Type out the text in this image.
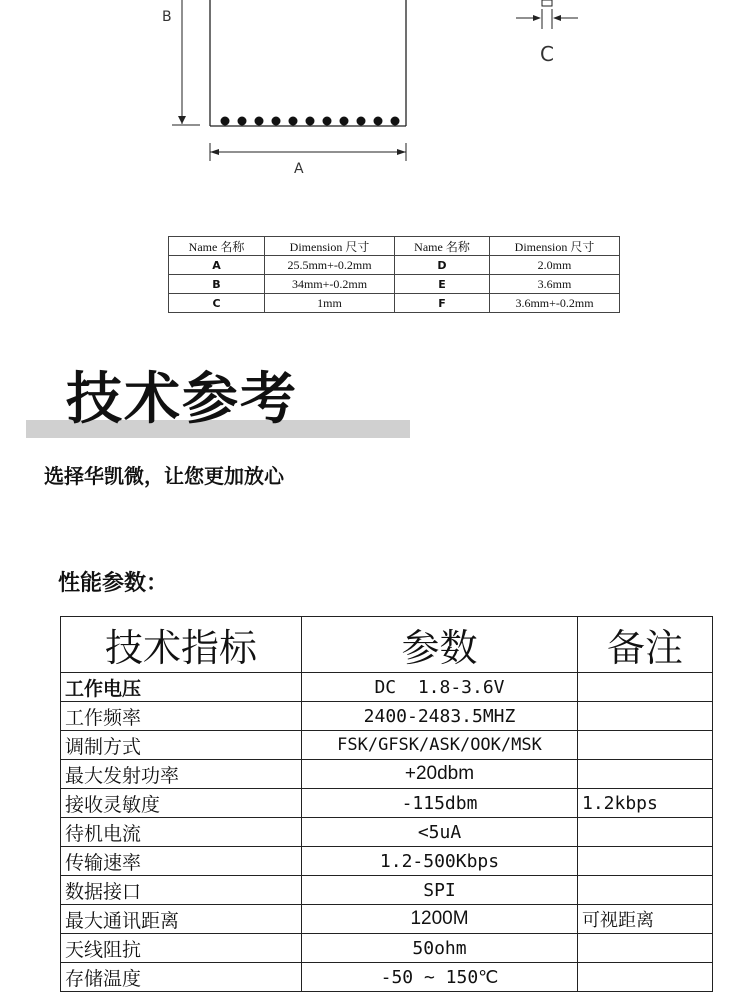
B
A
C
Name 名称	Dimension 尺寸	Name 名称	Dimension 尺寸
A	25.5mm+-0.2mm	D	2.0mm
B	34mm+-0.2mm	E	3.6mm
C	1mm	F	3.6mm+-0.2mm
技术参考
选择华凯微，让您更加放心
性能参数：
技术指标	参数	备注
工作电压	DC  1.8-3.6V	
工作频率	2400-2483.5MHZ	
调制方式	FSK/GFSK/ASK/OOK/MSK	
最大发射功率	+20dbm	
接收灵敏度	-115dbm	1.2kbps
待机电流	<5uA	
传输速率	1.2-500Kbps	
数据接口	SPI	
最大通讯距离	1200M	可视距离
天线阻抗	50ohm	
存储温度	-50 ~ 150℃	
